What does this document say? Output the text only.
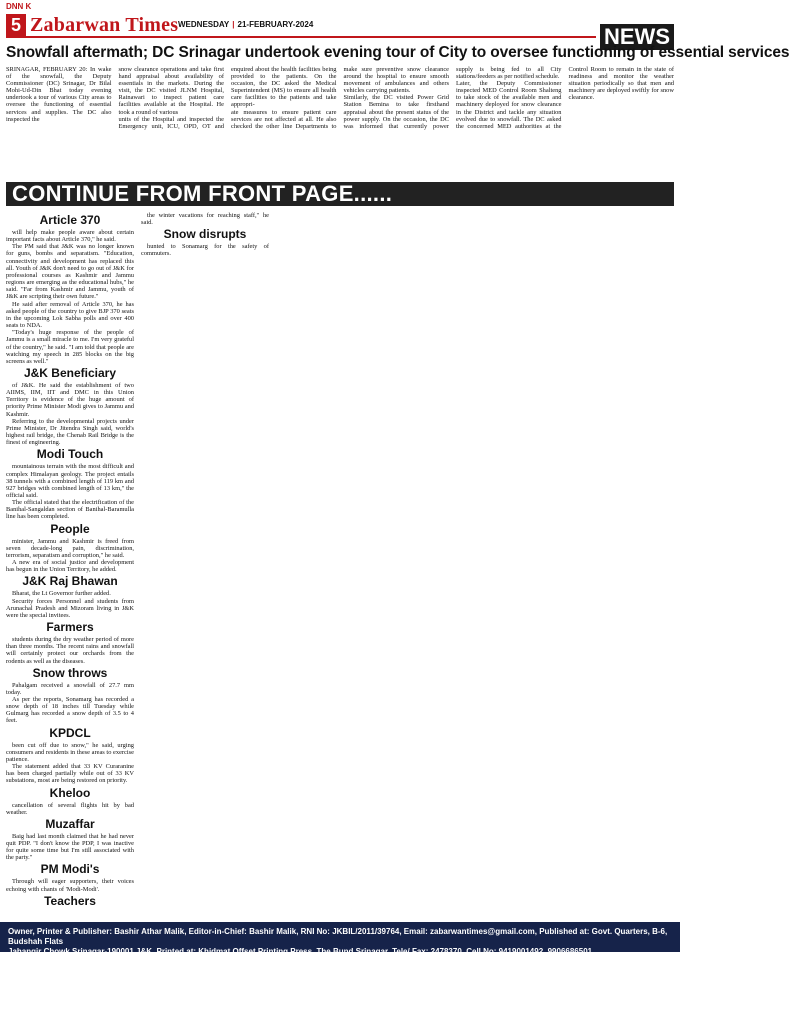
DNN K
5 Zabarwan Times WEDNESDAY | 21-FEBRUARY-2024	NEWS
Snowfall aftermath; DC Srinagar undertook evening tour of City to oversee functioning of essential services

SRINAGAR, FEBRUARY 20: In wake of the snowfall, the Deputy Commissioner (DC) Srinagar, Dr Bilal Mohi-Ud-Din Bhat today evening undertook a tour of various City areas to oversee the functioning of essential services and supplies. The DC also inspected the

snow clearance operations and take first hand appraisal about availability of essentials in the markets. During the visit, the DC visited JLNM Hospital, Rainawari to inspect patient care facilities available at the Hospital. He took a round of various

units of the Hospital and inspected the Emergency unit, ICU, OPD, OT and enquired about the health facilities being provided to the patients. On the occasion, the DC asked the Medical Superintendent (MS) to ensure all health care facilities to the patients and take appropri-

ate measures to ensure patient care services are not affected at all. He also checked the other line Departments to make sure preventive snow clearance around the hospital to ensure smooth movement of ambulances and others vehicles carrying patients.

Similarly, the DC visited Power Grid Station Bemina to take firsthand appraisal about the present status of the power supply. On the occasion, the DC was informed that currently power supply is being fed to all City stations/feeders as per notified schedule.

Later, the Deputy Commissioner inspected MED Control Room Shalteng to take stock of the available men and machinery deployed for snow clearance in the District and tackle any situation evolved due to snowfall. The DC asked the concerned MED authorities at the Control Room to remain in the state of readiness and monitor the weather situation periodically so that men and machinery are deployed swiftly for snow clearance.

CONTINUE FROM FRONT PAGE......
Article 370

will help make people aware about certain important facts about Article 370," he said.

The PM said that J&K was no longer known for guns, bombs and separatism. "Education, connectivity and development has replaced this all. Youth of J&K don't need to go out of J&K for professional courses as Kashmir and Jammu regions are emerging as the educational hubs," he said. "Far from Kashmir and Jammu, youth of J&K are scripting their own future."

He said after removal of Article 370, he has asked people of the country to give BJP 370 seats in the upcoming Lok Sabha polls and over 400 seats to NDA.

"Today's huge response of the people of Jammu is a small miracle to me. I'm very grateful of the country," he said. "I am told that people are watching my speech in 285 blocks on the big screens as well."

J&K Beneficiary

of J&K. He said the establishment of two AIIMS, IIM, IIT and DMC in this Union Territory is evidence of the huge amount of priority Prime Minister Modi gives to Jammu and Kashmir.

Referring to the developmental projects under Prime Minister, Dr Jitendra Singh said, world's highest rail bridge, the Chenab Rail Bridge is the finest of engineering.

Modi Touch

mountainous terrain with the most difficult and complex Himalayan geology. The project entails 38 tunnels with a combined length of 119 km and 927 bridges with combined length of 13 km," the official said.

The official stated that the electrification of the Banihal-Sangaldan section of Banihal-Baramulla line has been completed.

People

minister, Jammu and Kashmir is freed from seven decade-long pain, discrimination, terrorism, separatism and corruption," he said.

A new era of social justice and development has begun in the Union Territory, he added.

J&K Raj Bhawan

Bharat, the Lt Governor further added.

Security forces Personnel and students from Arunachal Pradesh and Mizoram living in J&K were the special invitees.

Farmers

students during the dry weather period of more than three months. The recent rains and snowfall will certainly protect our orchards from the rodents as well as the diseases.

Snow throws

Pahalgam received a snowfall of 27.7 mm today.

As per the reports, Sonamarg has recorded a snow depth of 18 inches till Tuesday while Gulmarg has recorded a snow depth of 3.5 to 4 feet.

KPDCL

been cut off due to snow," he said, urging consumers and residents in these areas to exercise patience.

The statement added that 33 KV Curaranine has been charged partially while out of 33 KV substations, most are being restored on priority.

Kheloo

cancellation of several flights hit by bad weather.

Muzaffar

Baig had last month claimed that he had never quit PDP. "I don't know the PDP, I was inactive for quite some time but I'm still associated with the party."

PM Modi's

Through will eager supporters, their voices echoing with chants of 'Modi-Modi'.

Teachers

the winter vacations for reaching staff," he said.

Snow disrupts

hunted to Sonamarg for the safety of commuters.

Owner, Printer & Publisher: Bashir Athar Malik, Editor-in-Chief: Bashir Malik, RNI No: JKBIL/2011/39764, Email: zabarwantimes@gmail.com, Published at: Govt. Quarters, B-6, Budshah Flats
Jahangir Chowk Srinagar-190001 J&K, Printed at: Khidmat Offset Printing Press, The Bund Srinagar, Tele/ Fax: 2478370, Cell No: 9419001492, 9906686501
